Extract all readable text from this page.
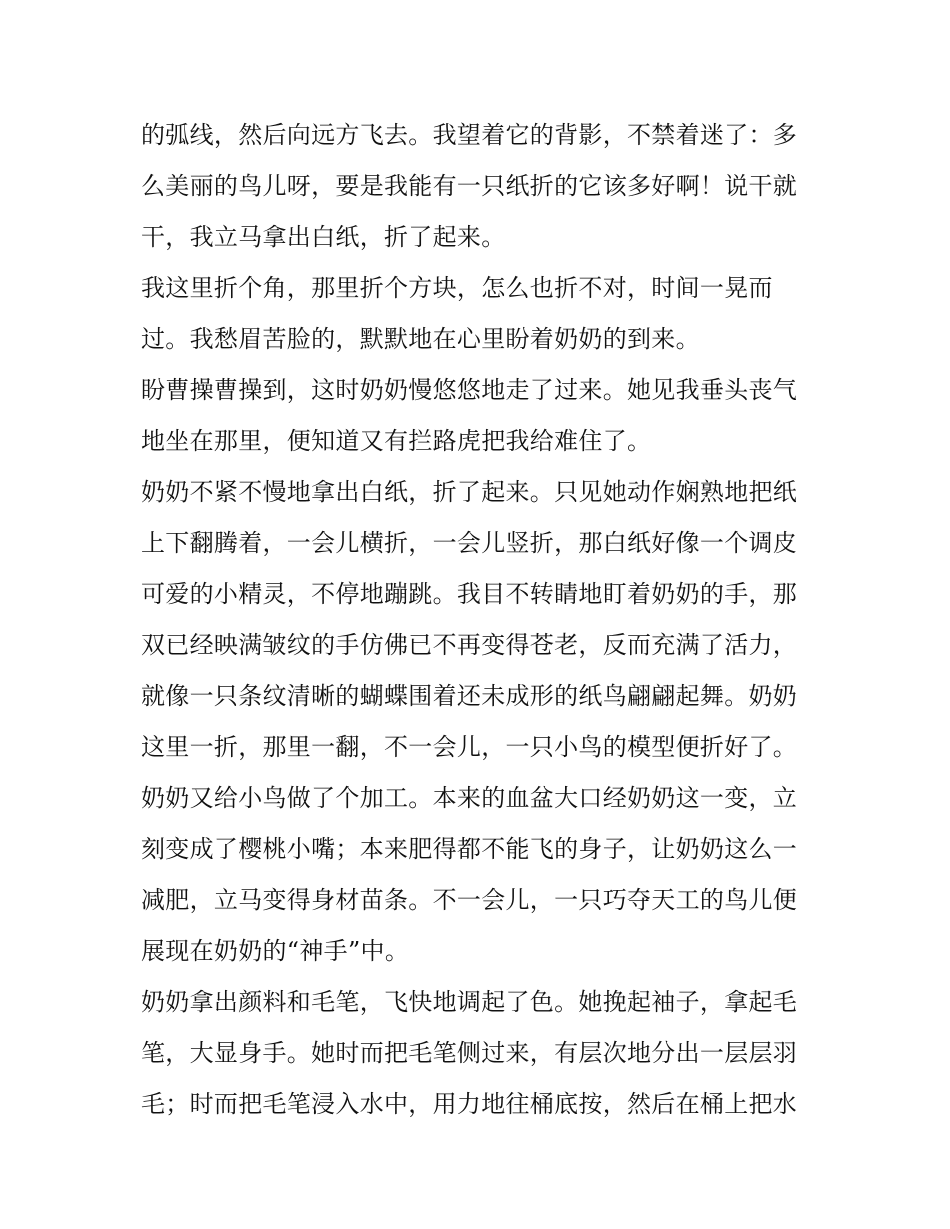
的弧线，然后向远方飞去。我望着它的背影，不禁着迷了：多
么美丽的鸟儿呀，要是我能有一只纸折的它该多好啊！说干就
干，我立马拿出白纸，折了起来。
我这里折个角，那里折个方块，怎么也折不对，时间一晃而
过。我愁眉苦脸的，默默地在心里盼着奶奶的到来。
盼曹操曹操到，这时奶奶慢悠悠地走了过来。她见我垂头丧气
地坐在那里，便知道又有拦路虎把我给难住了。
奶奶不紧不慢地拿出白纸，折了起来。只见她动作娴熟地把纸
上下翻腾着，一会儿横折，一会儿竖折，那白纸好像一个调皮
可爱的小精灵，不停地蹦跳。我目不转睛地盯着奶奶的手，那
双已经映满皱纹的手仿佛已不再变得苍老，反而充满了活力，
就像一只条纹清晰的蝴蝶围着还未成形的纸鸟翩翩起舞。奶奶
这里一折，那里一翻，不一会儿，一只小鸟的模型便折好了。
奶奶又给小鸟做了个加工。本来的血盆大口经奶奶这一变，立
刻变成了樱桃小嘴；本来肥得都不能飞的身子，让奶奶这么一
减肥，立马变得身材苗条。不一会儿，一只巧夺天工的鸟儿便
展现在奶奶的“神手”中。
奶奶拿出颜料和毛笔，飞快地调起了色。她挽起袖子，拿起毛
笔，大显身手。她时而把毛笔侧过来，有层次地分出一层层羽
毛；时而把毛笔浸入水中，用力地往桶底按，然后在桶上把水
